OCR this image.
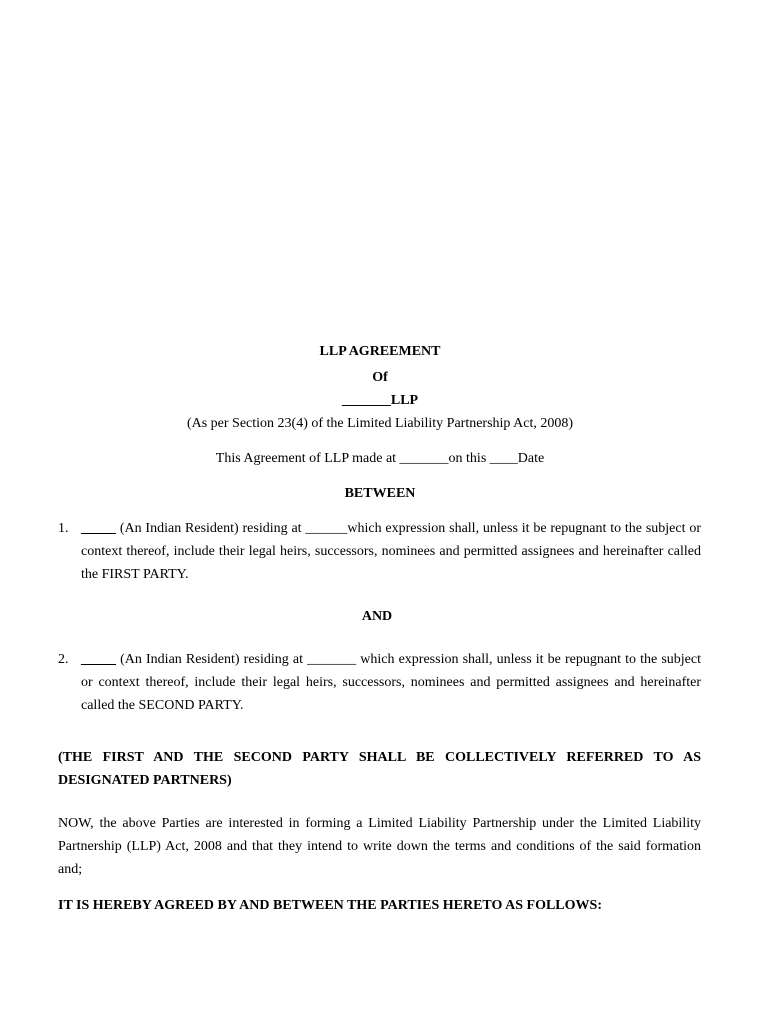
LLP AGREEMENT
Of
_______LLP
(As per Section 23(4) of the Limited Liability Partnership Act, 2008)
This Agreement of LLP made at _______on this ____Date
BETWEEN
1. _____ (An Indian Resident) residing at ______which expression shall, unless it be repugnant to the subject or context thereof, include their legal heirs, successors, nominees and permitted assignees and hereinafter called the FIRST PARTY.
AND
2. _____ (An Indian Resident) residing at _______ which expression shall, unless it be repugnant to the subject or context thereof, include their legal heirs, successors, nominees and permitted assignees and hereinafter called the SECOND PARTY.
(THE FIRST AND THE SECOND PARTY SHALL BE COLLECTIVELY REFERRED TO AS DESIGNATED PARTNERS)
NOW, the above Parties are interested in forming a Limited Liability Partnership under the Limited Liability Partnership (LLP) Act, 2008 and that they intend to write down the terms and conditions of the said formation and;
IT IS HEREBY AGREED BY AND BETWEEN THE PARTIES HERETO AS FOLLOWS:
